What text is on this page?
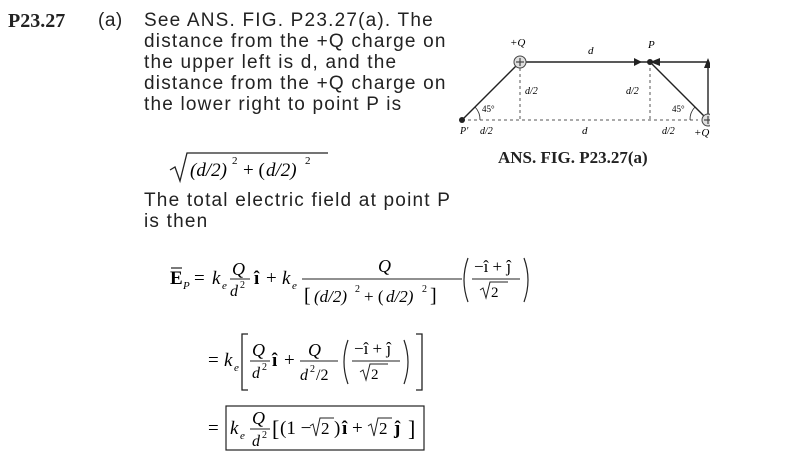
P23.27 (a) See ANS. FIG. P23.27(a). The
distance from the +Q charge on
the upper left is d, and the
distance from the +Q charge on
the lower right to point P is
(d/2) 2 + ( d/2) 2
The total electric field at point P
is then
+Q
d	P
d/2	d/2
45°	45°
P' d/2	d	d/2 +Q
ANS. FIG. P23.27(a)
E P = k e
Q
d 2 î + k e
Q
[ (d/2) 2 + ( d/2) 2 ]
−î + ĵ
2
= k e
Q
d 2 î + Q
d 2 /2
−î + ĵ
2
= k e
Q
d 2 [ (1 − 2 ) î + 2 ĵ ]
